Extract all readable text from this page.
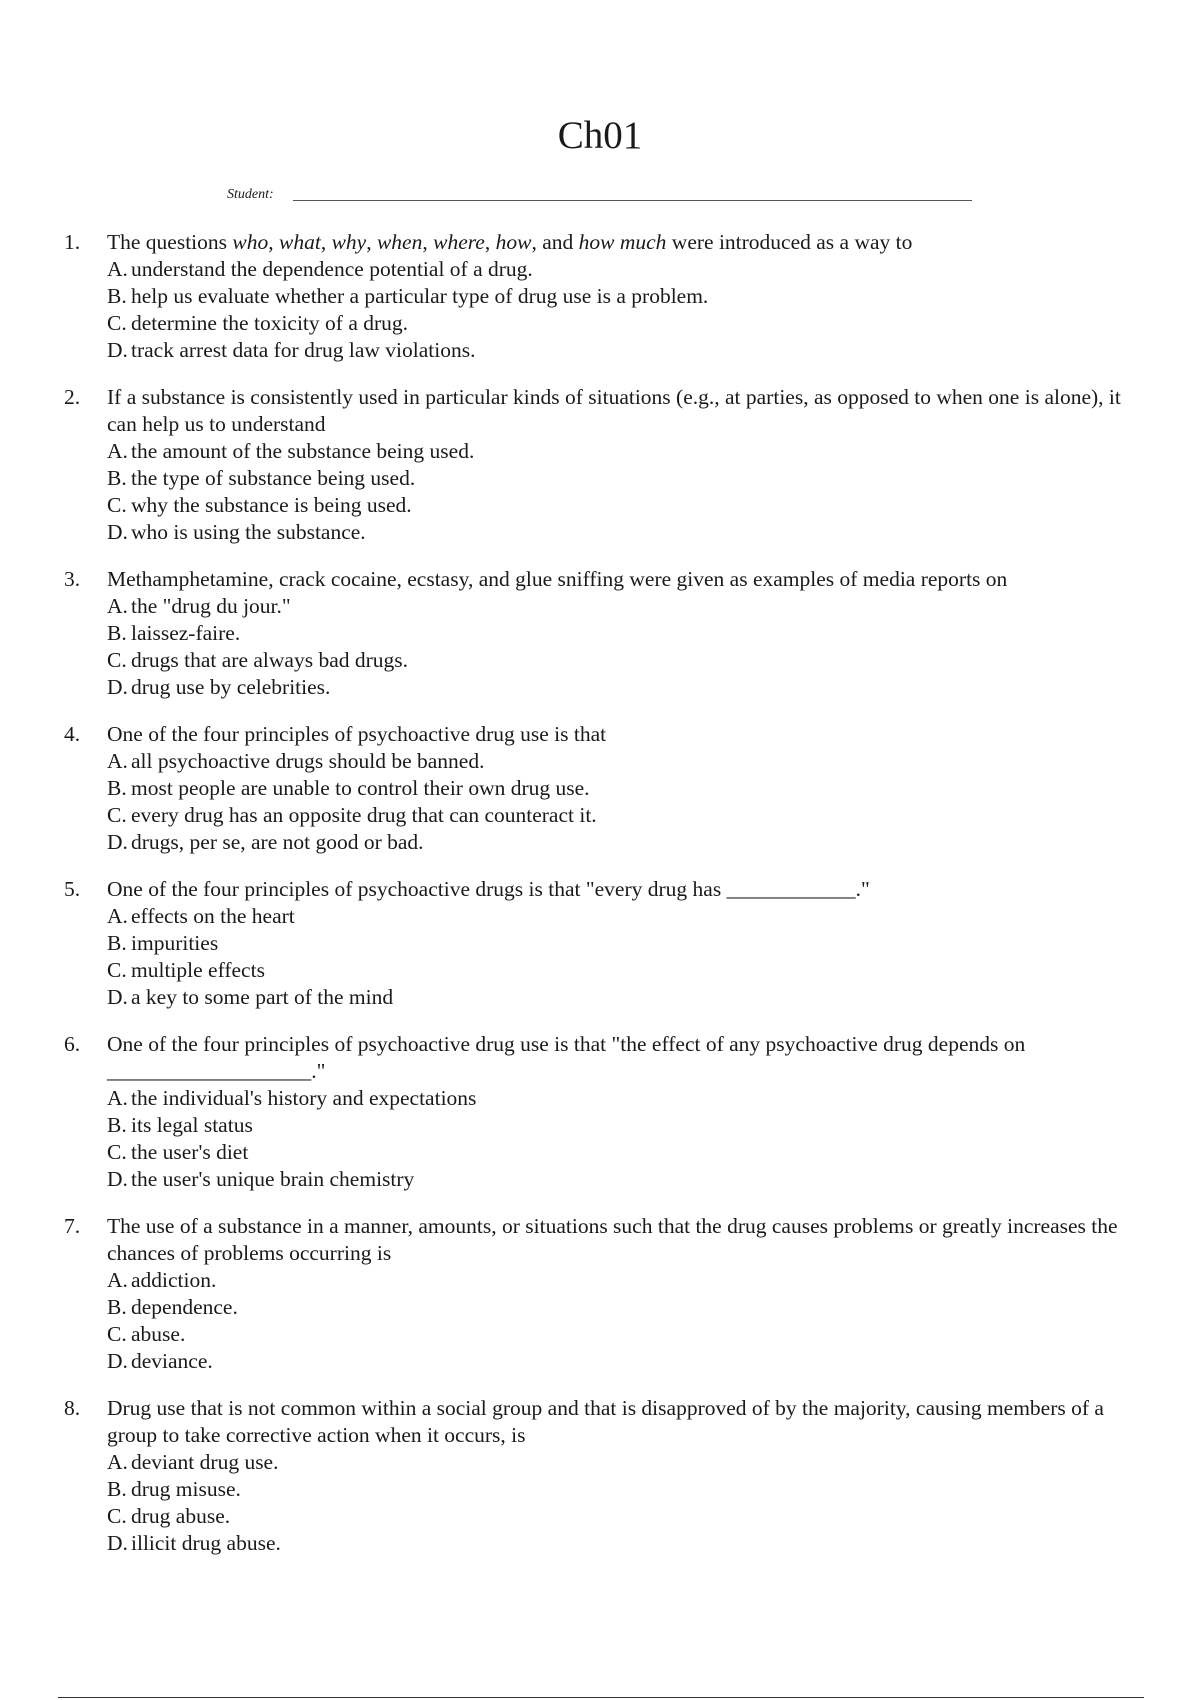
Ch01
Student:
1. The questions who, what, why, when, where, how, and how much were introduced as a way to
A. understand the dependence potential of a drug.
B. help us evaluate whether a particular type of drug use is a problem.
C. determine the toxicity of a drug.
D. track arrest data for drug law violations.
2. If a substance is consistently used in particular kinds of situations (e.g., at parties, as opposed to when one is alone), it can help us to understand
A. the amount of the substance being used.
B. the type of substance being used.
C. why the substance is being used.
D. who is using the substance.
3. Methamphetamine, crack cocaine, ecstasy, and glue sniffing were given as examples of media reports on
A. the "drug du jour."
B. laissez-faire.
C. drugs that are always bad drugs.
D. drug use by celebrities.
4. One of the four principles of psychoactive drug use is that
A. all psychoactive drugs should be banned.
B. most people are unable to control their own drug use.
C. every drug has an opposite drug that can counteract it.
D. drugs, per se, are not good or bad.
5. One of the four principles of psychoactive drugs is that "every drug has ____________."
A. effects on the heart
B. impurities
C. multiple effects
D. a key to some part of the mind
6. One of the four principles of psychoactive drug use is that "the effect of any psychoactive drug depends on ___________________."
A. the individual's history and expectations
B. its legal status
C. the user's diet
D. the user's unique brain chemistry
7. The use of a substance in a manner, amounts, or situations such that the drug causes problems or greatly increases the chances of problems occurring is
A. addiction.
B. dependence.
C. abuse.
D. deviance.
8. Drug use that is not common within a social group and that is disapproved of by the majority, causing members of a group to take corrective action when it occurs, is
A. deviant drug use.
B. drug misuse.
C. drug abuse.
D. illicit drug abuse.
